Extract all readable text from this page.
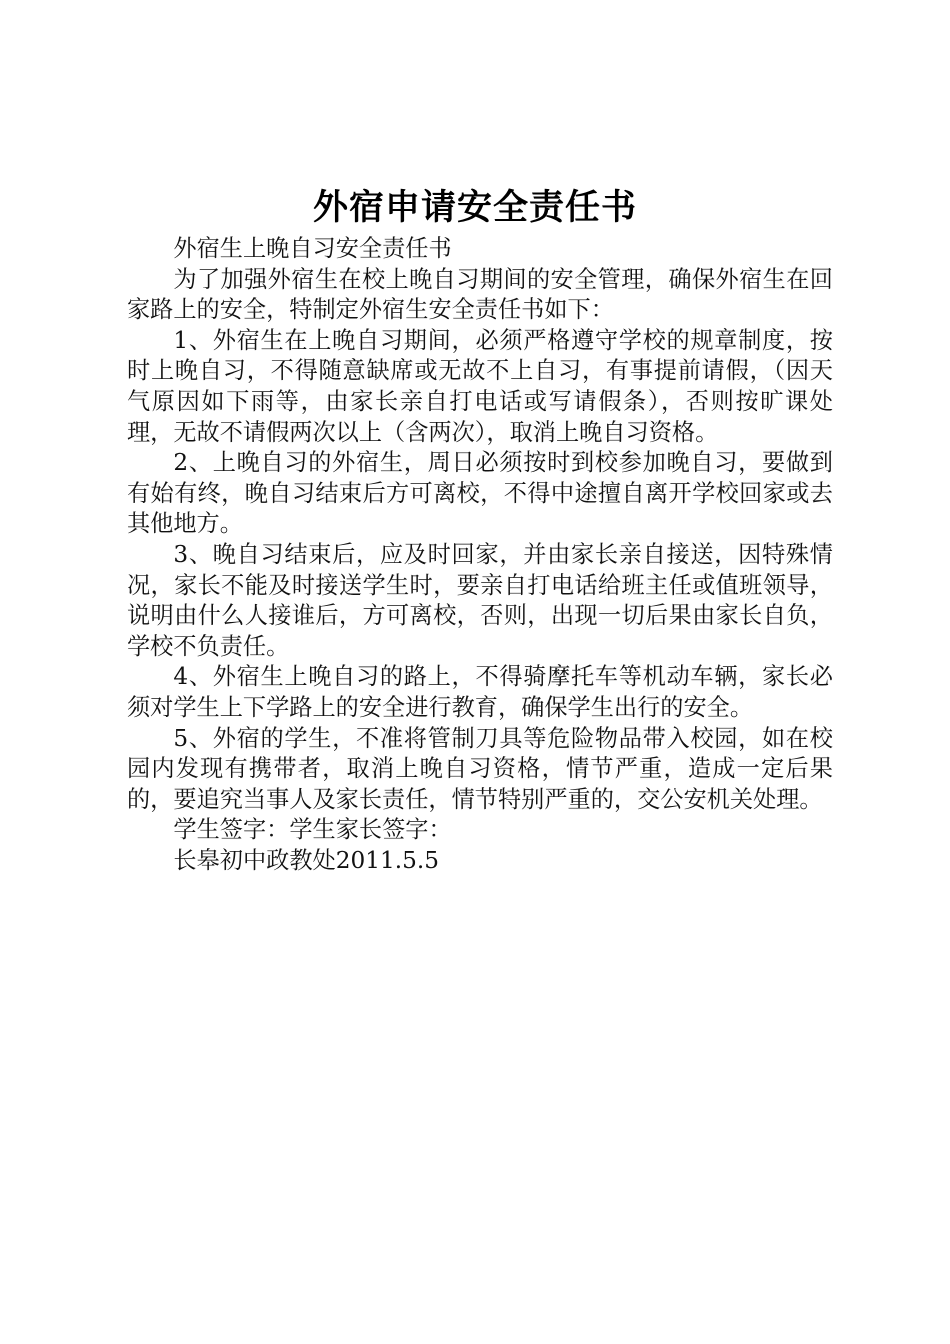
外宿申请安全责任书

外宿生上晚自习安全责任书

为了加强外宿生在校上晚自习期间的安全管理，确保外宿生在回家路上的安全，特制定外宿生安全责任书如下：

1、外宿生在上晚自习期间，必须严格遵守学校的规章制度，按时上晚自习，不得随意缺席或无故不上自习，有事提前请假，（因天气原因如下雨等，由家长亲自打电话或写请假条），否则按旷课处理，无故不请假两次以上（含两次），取消上晚自习资格。

2、上晚自习的外宿生，周日必须按时到校参加晚自习，要做到有始有终，晚自习结束后方可离校，不得中途擅自离开学校回家或去其他地方。

3、晚自习结束后，应及时回家，并由家长亲自接送，因特殊情况，家长不能及时接送学生时，要亲自打电话给班主任或值班领导，说明由什么人接谁后，方可离校，否则，出现一切后果由家长自负，学校不负责任。

4、外宿生上晚自习的路上，不得骑摩托车等机动车辆，家长必须对学生上下学路上的安全进行教育，确保学生出行的安全。

5、外宿的学生，不准将管制刀具等危险物品带入校园，如在校园内发现有携带者，取消上晚自习资格，情节严重，造成一定后果的，要追究当事人及家长责任，情节特别严重的，交公安机关处理。

学生签字：学生家长签字：

长皋初中政教处2011.5.5
